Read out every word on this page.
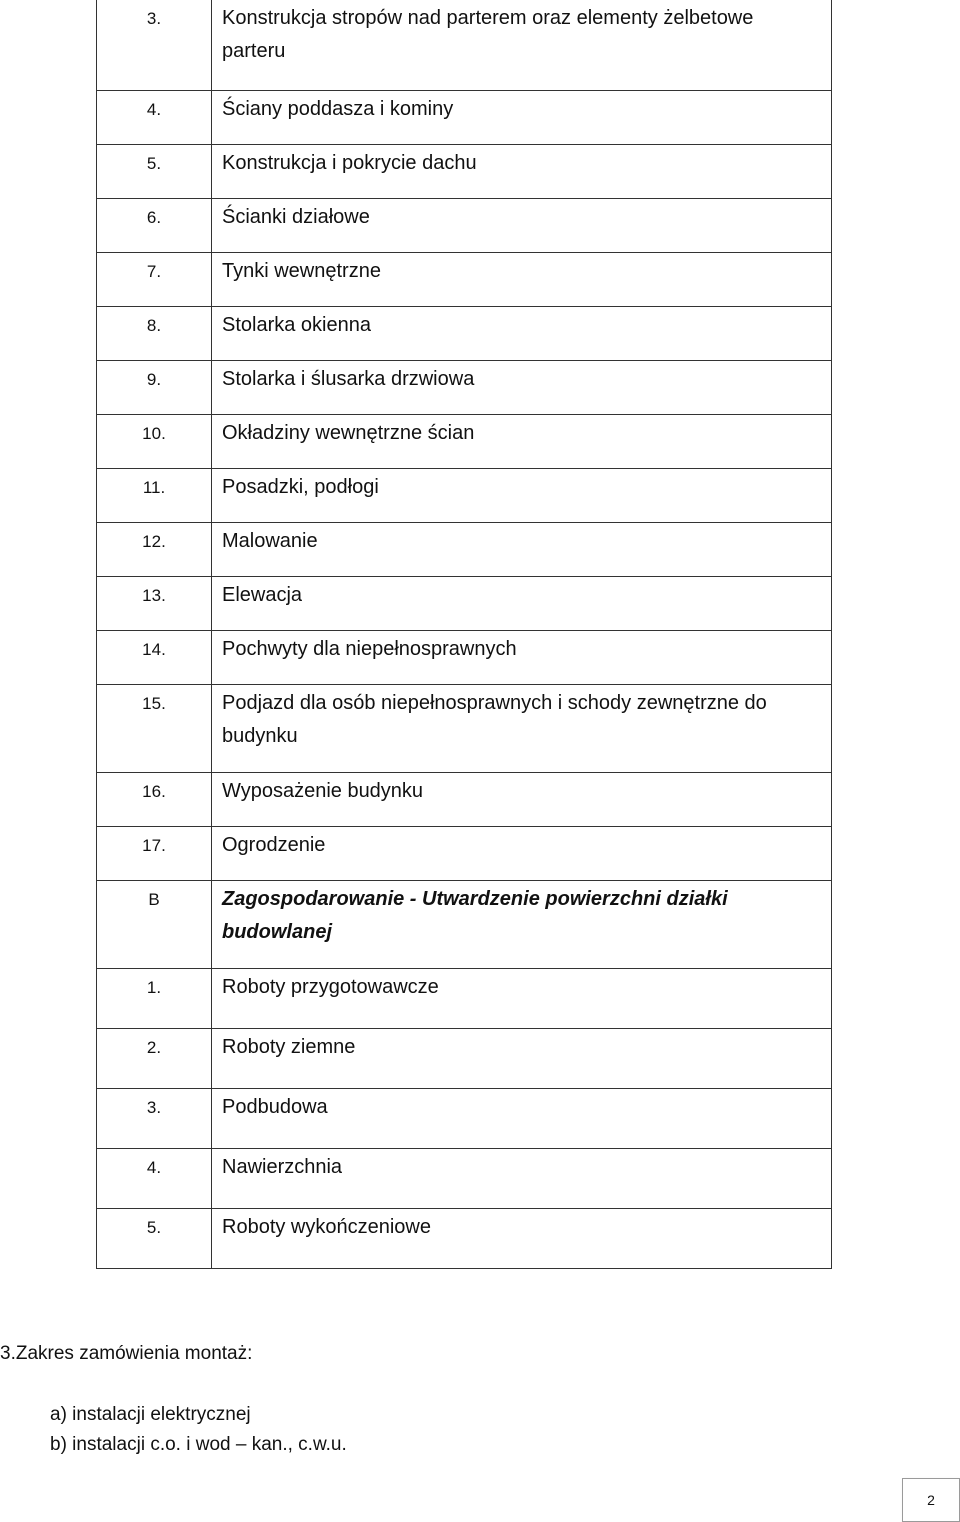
3.	Konstrukcja stropów nad parterem oraz elementy żelbetowe parteru
4.	Ściany poddasza i kominy
5.	Konstrukcja i pokrycie dachu
6.	Ścianki działowe
7.	Tynki wewnętrzne
8.	Stolarka okienna
9.	Stolarka i ślusarka drzwiowa
10.	Okładziny wewnętrzne ścian
11.	Posadzki, podłogi
12.	Malowanie
13.	Elewacja
14.	Pochwyty dla niepełnosprawnych
15.	Podjazd dla osób niepełnosprawnych i schody zewnętrzne do budynku
16.	Wyposażenie budynku
17.	Ogrodzenie
B	Zagospodarowanie - Utwardzenie powierzchni działki budowlanej
1.	Roboty przygotowawcze
2.	Roboty ziemne
3.	Podbudowa
4.	Nawierzchnia
5.	Roboty wykończeniowe

3.Zakres zamówienia montaż:

a) instalacji elektrycznej
b) instalacji c.o. i wod – kan., c.w.u.
2
